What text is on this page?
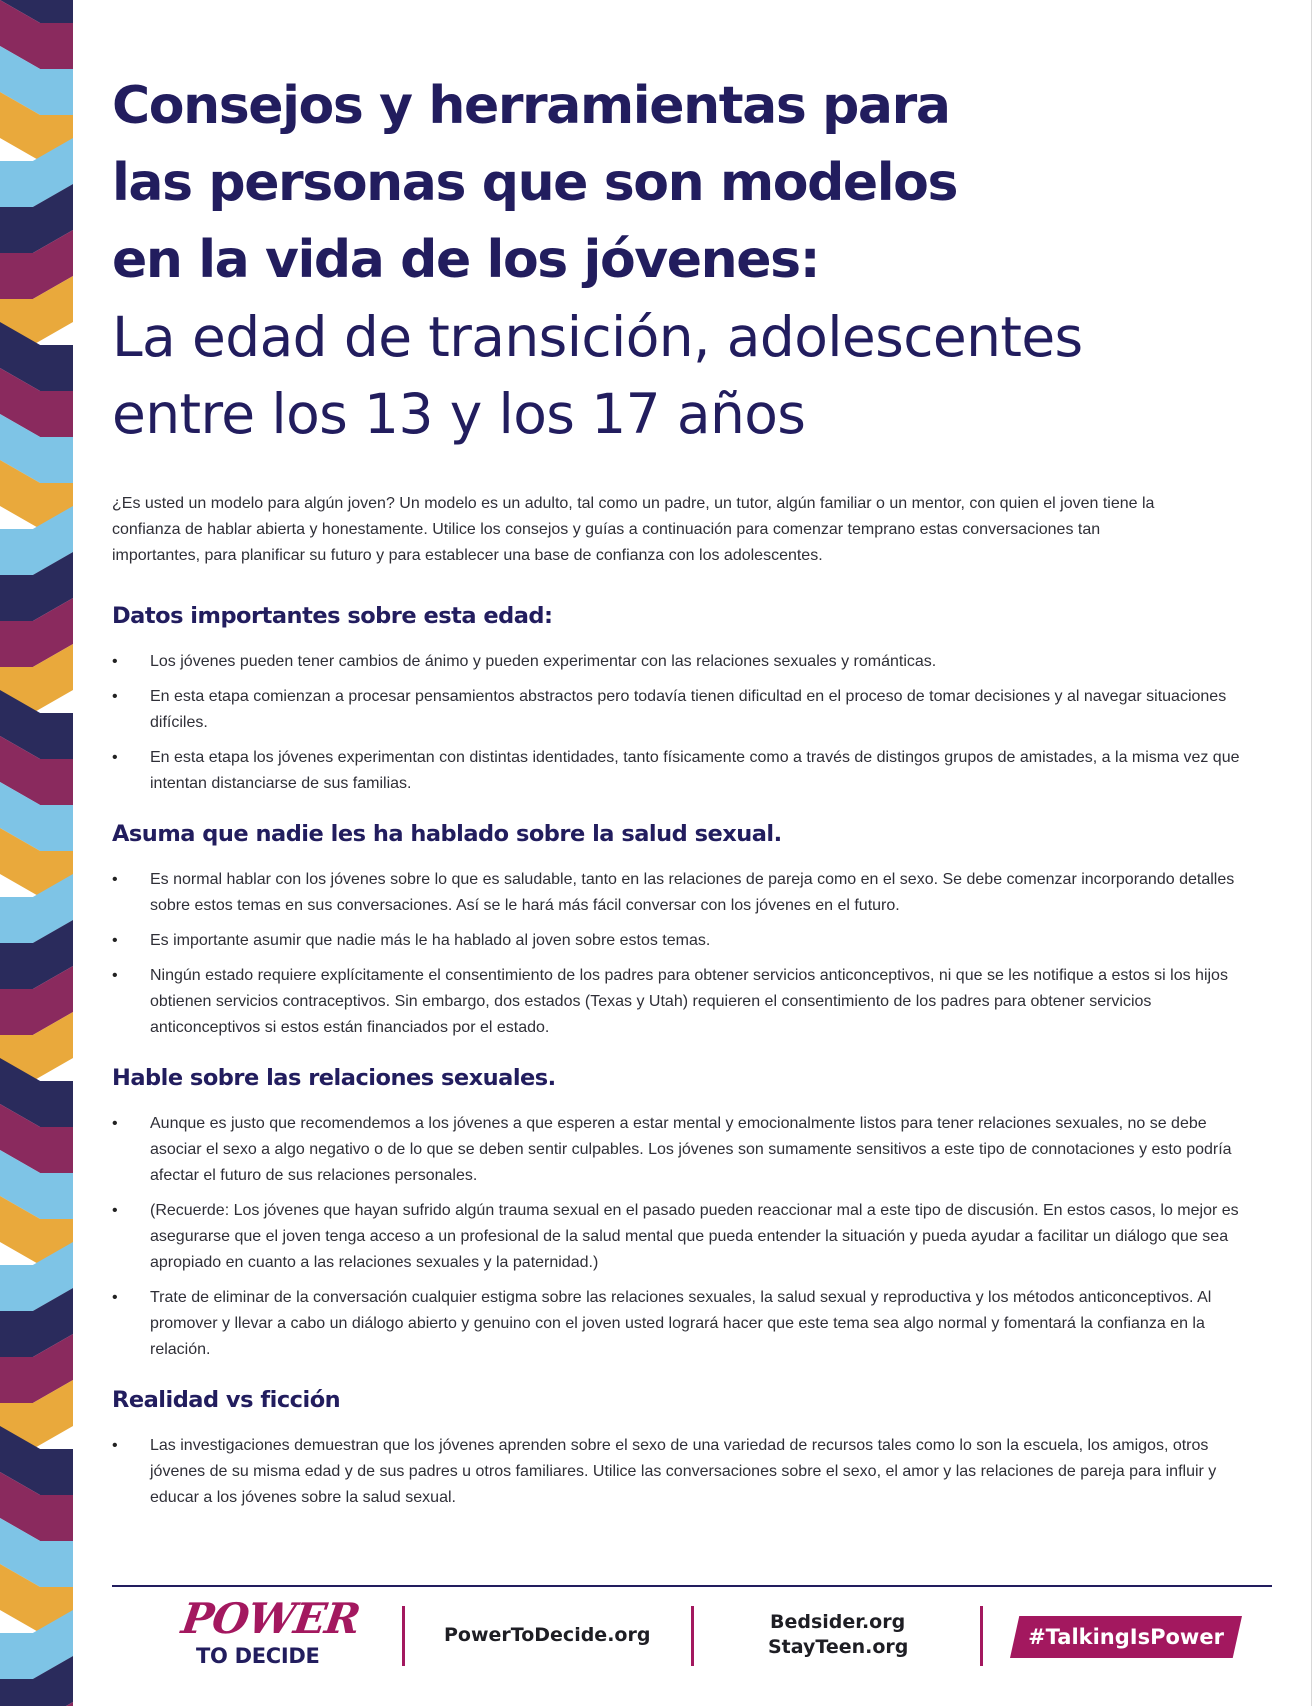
Consejos y herramientas para
las personas que son modelos
en la vida de los jóvenes:
La edad de transición, adolescentes
entre los 13 y los 17 años

¿Es usted un modelo para algún joven? Un modelo es un adulto, tal como un padre, un tutor, algún familiar o un mentor, con quien el joven tiene la confianza de hablar abierta y honestamente. Utilice los consejos y guías a continuación para comenzar temprano estas conversaciones tan importantes, para planificar su futuro y para establecer una base de confianza con los adolescentes.

Datos importantes sobre esta edad:
• Los jóvenes pueden tener cambios de ánimo y pueden experimentar con las relaciones sexuales y románticas.
• En esta etapa comienzan a procesar pensamientos abstractos pero todavía tienen dificultad en el proceso de tomar decisiones y al navegar situaciones difíciles.
• En esta etapa los jóvenes experimentan con distintas identidades, tanto físicamente como a través de distingos grupos de amistades, a la misma vez que intentan distanciarse de sus familias.
Asuma que nadie les ha hablado sobre la salud sexual.
• Es normal hablar con los jóvenes sobre lo que es saludable, tanto en las relaciones de pareja como en el sexo. Se debe comenzar incorporando detalles sobre estos temas en sus conversaciones. Así se le hará más fácil conversar con los jóvenes en el futuro.
• Es importante asumir que nadie más le ha hablado al joven sobre estos temas.
• Ningún estado requiere explícitamente el consentimiento de los padres para obtener servicios anticonceptivos, ni que se les notifique a estos si los hijos obtienen servicios contraceptivos. Sin embargo, dos estados (Texas y Utah) requieren el consentimiento de los padres para obtener servicios anticonceptivos si estos están financiados por el estado.
Hable sobre las relaciones sexuales.
• Aunque es justo que recomendemos a los jóvenes a que esperen a estar mental y emocionalmente listos para tener relaciones sexuales, no se debe asociar el sexo a algo negativo o de lo que se deben sentir culpables. Los jóvenes son sumamente sensitivos a este tipo de connotaciones y esto podría afectar el futuro de sus relaciones personales.
• (Recuerde: Los jóvenes que hayan sufrido algún trauma sexual en el pasado pueden reaccionar mal a este tipo de discusión. En estos casos, lo mejor es asegurarse que el joven tenga acceso a un profesional de la salud mental que pueda entender la situación y pueda ayudar a facilitar un diálogo que sea apropiado en cuanto a las relaciones sexuales y la paternidad.)
• Trate de eliminar de la conversación cualquier estigma sobre las relaciones sexuales, la salud sexual y reproductiva y los métodos anticonceptivos. Al promover y llevar a cabo un diálogo abierto y genuino con el joven usted logrará hacer que este tema sea algo normal y fomentará la confianza en la relación.
Realidad vs ficción
• Las investigaciones demuestran que los jóvenes aprenden sobre el sexo de una variedad de recursos tales como lo son la escuela, los amigos, otros jóvenes de su misma edad y de sus padres u otros familiares. Utilice las conversaciones sobre el sexo, el amor y las relaciones de pareja para influir y educar a los jóvenes sobre la salud sexual.
POWER
TO DECIDE
PowerToDecide.org
Bedsider.org
StayTeen.org	#TalkingIsPower
